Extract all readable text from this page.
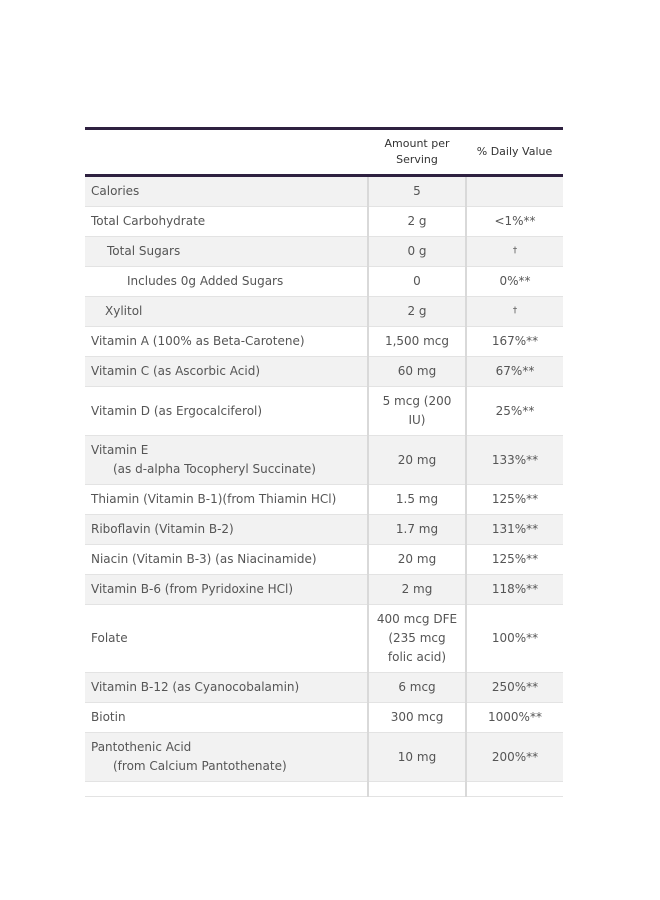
	Amount per Serving	% Daily Value
Calories	5	
Total Carbohydrate	2 g	<1%**
Total Sugars	0 g	†
Includes 0g Added Sugars	0	0%**
Xylitol	2 g	†
Vitamin A (100% as Beta-Carotene)	1,500 mcg	167%**
Vitamin C (as Ascorbic Acid)	60 mg	67%**
Vitamin D (as Ergocalciferol)	5 mcg (200 IU)	25%**
Vitamin E
(as d-alpha Tocopheryl Succinate)	20 mg	133%**
Thiamin (Vitamin B-1)(from Thiamin HCl)	1.5 mg	125%**
Riboflavin (Vitamin B-2)	1.7 mg	131%**
Niacin (Vitamin B-3) (as Niacinamide)	20 mg	125%**
Vitamin B-6 (from Pyridoxine HCl)	2 mg	118%**
Folate	400 mcg DFE (235 mcg folic acid)	100%**
Vitamin B-12 (as Cyanocobalamin)	6 mcg	250%**
Biotin	300 mcg	1000%**
Pantothenic Acid
(from Calcium Pantothenate)	10 mg	200%**
